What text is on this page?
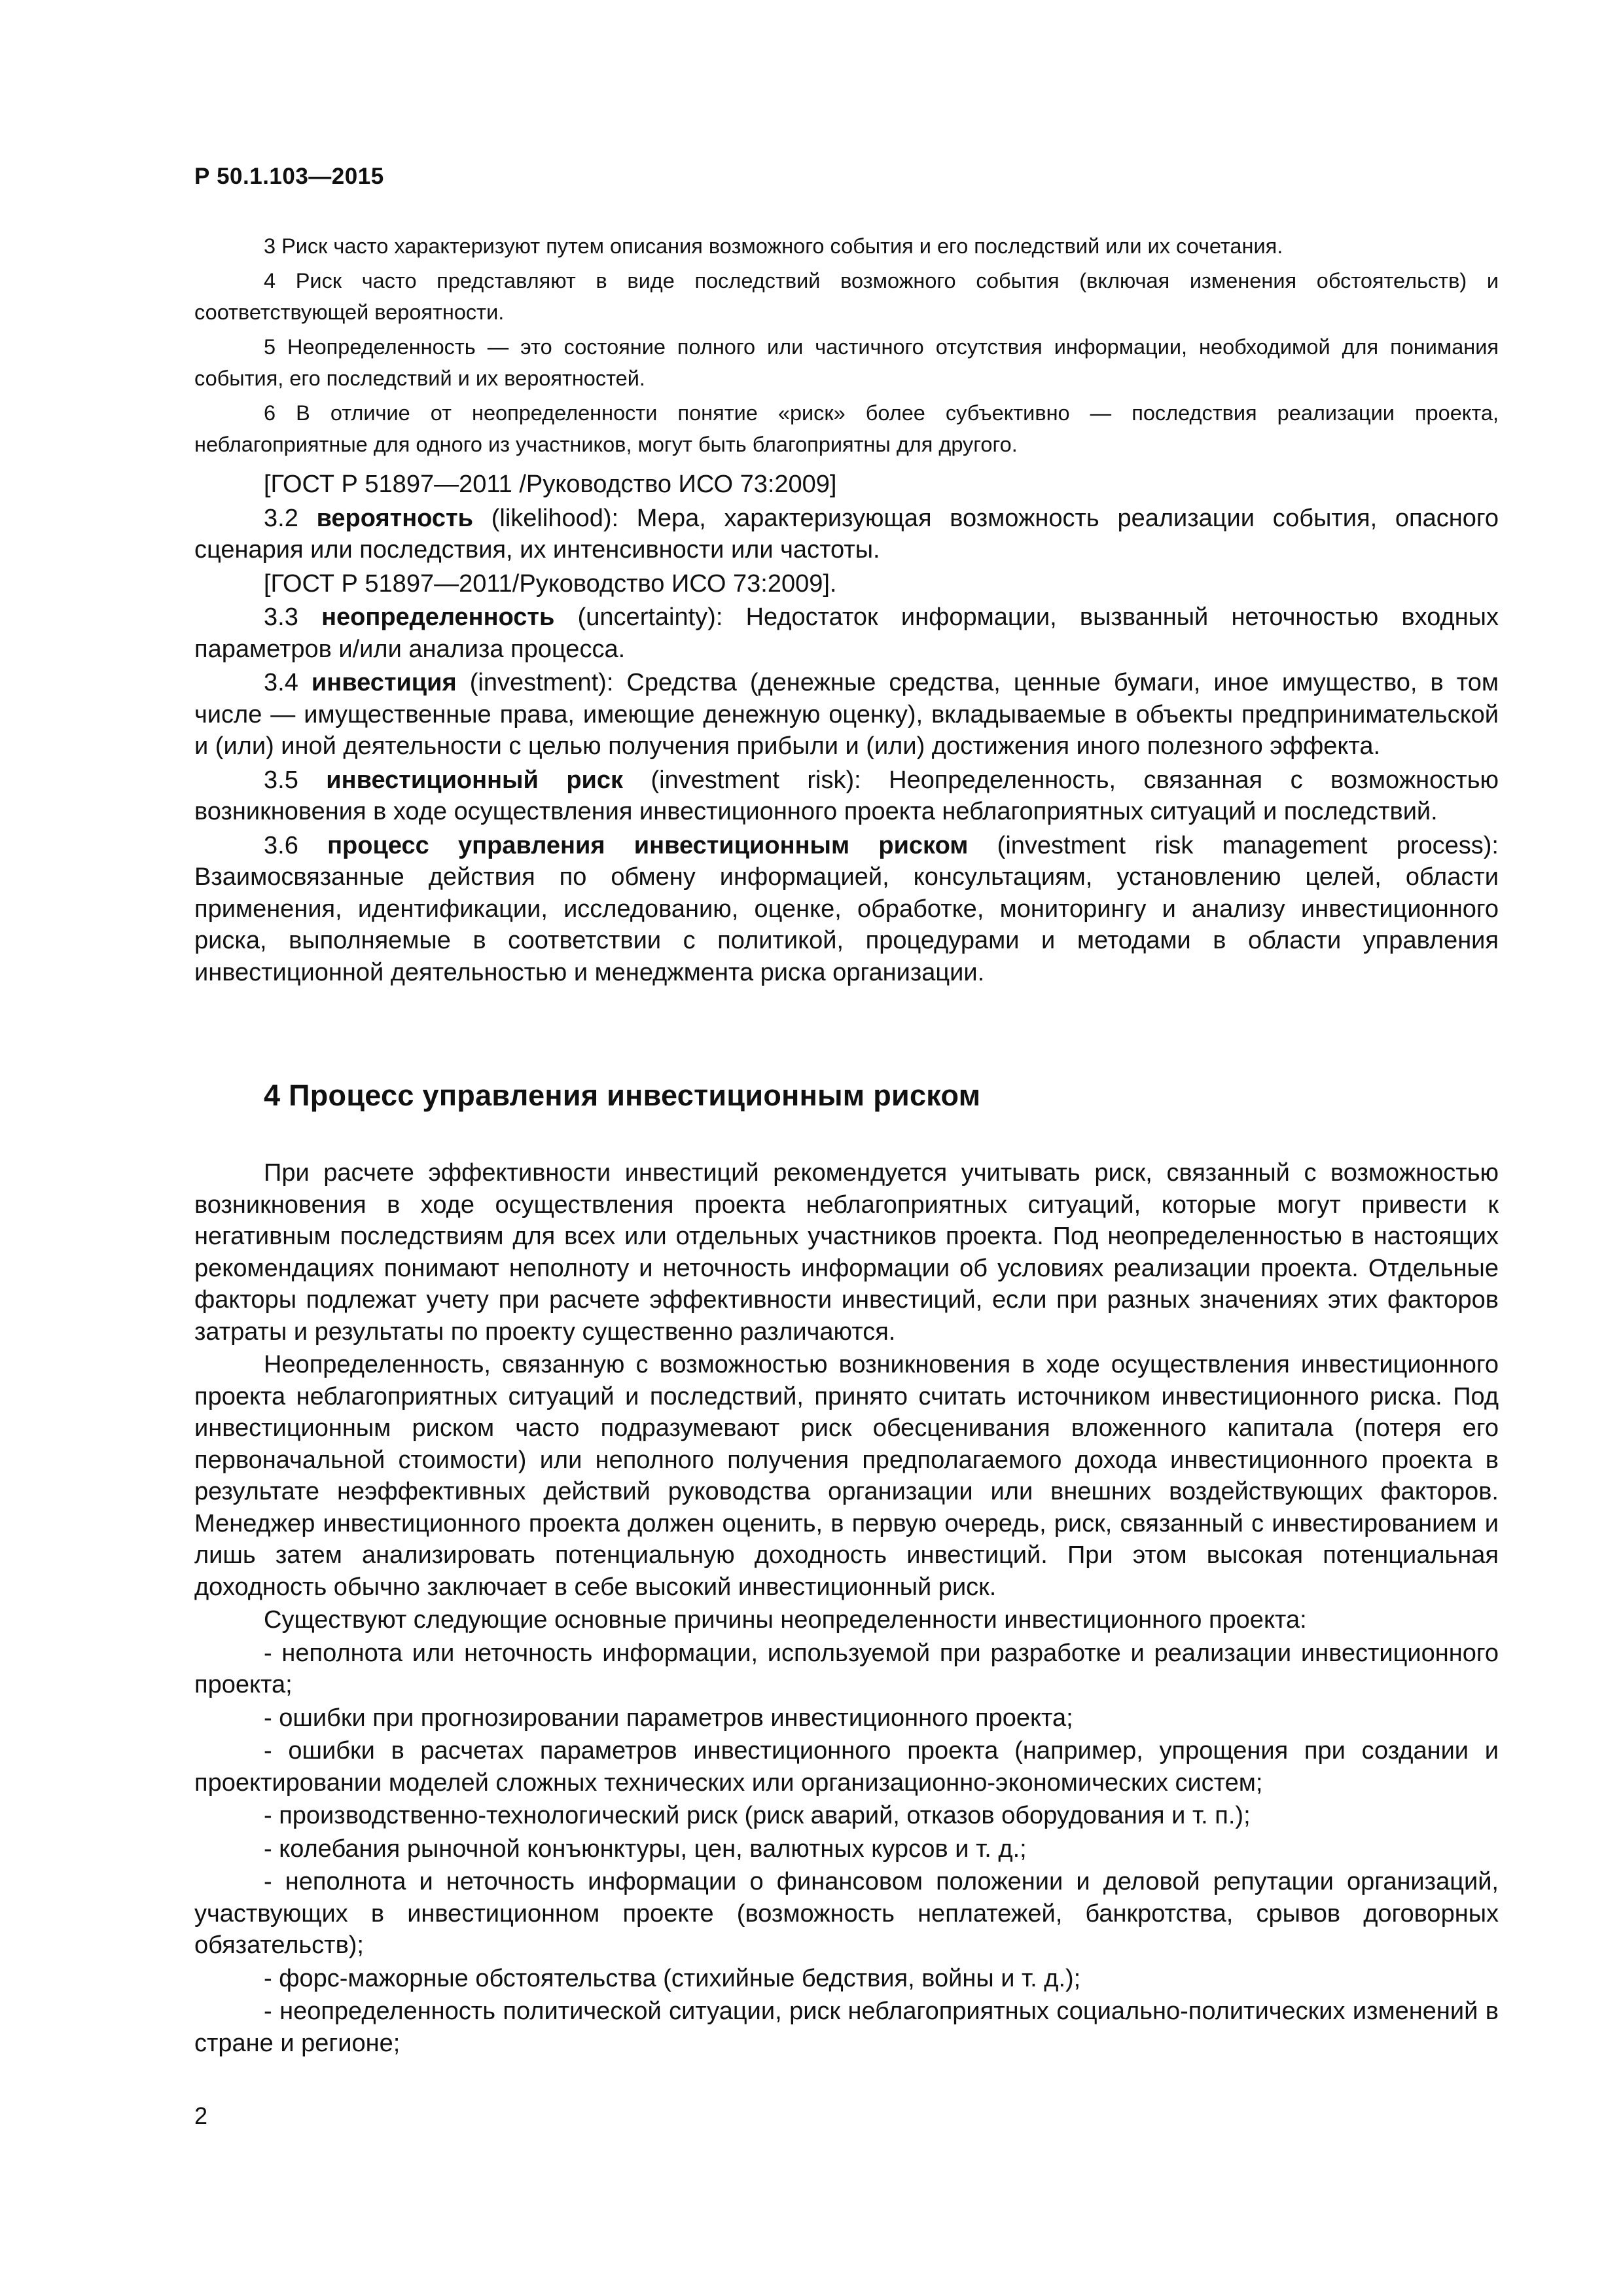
Р 50.1.103—2015

3 Риск часто характеризуют путем описания возможного события и его последствий или их сочетания.

4 Риск часто представляют в виде последствий возможного события (включая изменения обстоятельств) и соответствующей вероятности.

5 Неопределенность — это состояние полного или частичного отсутствия информации, необходимой для понимания события, его последствий и их вероятностей.

6 В отличие от неопределенности понятие «риск» более субъективно — последствия реализации проекта, неблагоприятные для одного из участников, могут быть благоприятны для другого.

[ГОСТ Р 51897—2011 /Руководство ИСО 73:2009]

3.2 вероятность (likelihood): Мера, характеризующая возможность реализации события, опасного сценария или последствия, их интенсивности или частоты.

[ГОСТ Р 51897—2011/Руководство ИСО 73:2009].

3.3 неопределенность (uncertainty): Недостаток информации, вызванный неточностью входных параметров и/или анализа процесса.

3.4 инвестиция (investment): Средства (денежные средства, ценные бумаги, иное имущество, в том числе — имущественные права, имеющие денежную оценку), вкладываемые в объекты предпринимательской и (или) иной деятельности с целью получения прибыли и (или) достижения иного полезного эффекта.

3.5 инвестиционный риск (investment risk): Неопределенность, связанная с возможностью возникновения в ходе осуществления инвестиционного проекта неблагоприятных ситуаций и последствий.

3.6 процесс управления инвестиционным риском (investment risk management process): Взаимосвязанные действия по обмену информацией, консультациям, установлению целей, области применения, идентификации, исследованию, оценке, обработке, мониторингу и анализу инвестиционного риска, выполняемые в соответствии с политикой, процедурами и методами в области управления инвестиционной деятельностью и менеджмента риска организации.

4 Процесс управления инвестиционным риском

При расчете эффективности инвестиций рекомендуется учитывать риск, связанный с возможностью возникновения в ходе осуществления проекта неблагоприятных ситуаций, которые могут привести к негативным последствиям для всех или отдельных участников проекта. Под неопределенностью в настоящих рекомендациях понимают неполноту и неточность информации об условиях реализации проекта. Отдельные факторы подлежат учету при расчете эффективности инвестиций, если при разных значениях этих факторов затраты и результаты по проекту существенно различаются.

Неопределенность, связанную с возможностью возникновения в ходе осуществления инвестиционного проекта неблагоприятных ситуаций и последствий, принято считать источником инвестиционного риска. Под инвестиционным риском часто подразумевают риск обесценивания вложенного капитала (потеря его первоначальной стоимости) или неполного получения предполагаемого дохода инвестиционного проекта в результате неэффективных действий руководства организации или внешних воздействующих факторов. Менеджер инвестиционного проекта должен оценить, в первую очередь, риск, связанный с инвестированием и лишь затем анализировать потенциальную доходность инвестиций. При этом высокая потенциальная доходность обычно заключает в себе высокий инвестиционный риск.

Существуют следующие основные причины неопределенности инвестиционного проекта:

- неполнота или неточность информации, используемой при разработке и реализации инвестиционного проекта;

- ошибки при прогнозировании параметров инвестиционного проекта;

- ошибки в расчетах параметров инвестиционного проекта (например, упрощения при создании и проектировании моделей сложных технических или организационно-экономических систем;

- производственно-технологический риск (риск аварий, отказов оборудования и т. п.);

- колебания рыночной конъюнктуры, цен, валютных курсов и т. д.;

- неполнота и неточность информации о финансовом положении и деловой репутации организаций, участвующих в инвестиционном проекте (возможность неплатежей, банкротства, срывов договорных обязательств);

- форс-мажорные обстоятельства (стихийные бедствия, войны и т. д.);

- неопределенность политической ситуации, риск неблагоприятных социально-политических изменений в стране и регионе;

2
